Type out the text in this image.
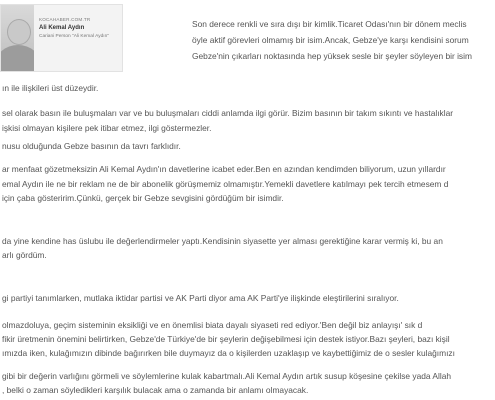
KOCAHABER.COM.TR
Ali Kemal Aydın
Cariani Person "Ali Kemal Aydın"
Son derece renkli ve sıra dışı bir kimlik.Ticaret Odası'nın bir dönem meclis
öyle aktif görevleri olmamış bir isim.Ancak, Gebze'ye karşı kendisini sorum
Gebze'nin çıkarları noktasında hep yüksek sesle bir şeyler söyleyen bir isim
ın ile ilişkileri üst düzeydir.
sel olarak basın ile buluşmaları var ve bu buluşmaları ciddi anlamda ilgi görür. Bizim basının bir takım sıkıntı ve hastalıklar
işkisi olmayan kişilere pek itibar etmez, ilgi göstermezler.
nusu olduğunda Gebze basının da tavrı farklıdır.
ar menfaat gözetmeksizin Ali Kemal Aydın'ın davetlerine icabet eder.Ben en azından kendimden biliyorum, uzun yıllardır
emal Aydın ile ne bir reklam ne de bir abonelik görüşmemiz olmamıştır.Yemekli davetlere katılmayı pek tercih etmesem d
için çaba gösteririm.Çünkü, gerçek bir Gebze sevgisini gördüğüm bir isimdir.
da yine kendine has üslubu ile değerlendirmeler yaptı.Kendisinin siyasette yer alması gerektiğine karar vermiş ki, bu an
arlı gördüm.
gi partiyi tanımlarken, mutlaka iktidar partisi ve AK Parti diyor ama AK Parti'ye ilişkinde eleştirilerini sıralıyor.
olmazdoluya, geçim sisteminin eksikliği ve en önemlisi biata dayalı siyaseti red ediyor.'Ben değil biz anlayışı' sık d
fikir üretmenin önemini belirtirken, Gebze'de Türkiye'de bir şeylerin değişebilmesi için destek istiyor.Bazı şeyleri, bazı kişil
ımızda iken, kulağımızın dibinde bağırırken bile duymayız da o kişilerden uzaklaşıp ve kaybettiğimiz de o sesler kulağımızı
gibi bir değerin varlığını görmeli ve söylemlerine kulak kabartmalı.Ali Kemal Aydın artık susup köşesine çekilse yada Allah
, belki o zaman söyledikleri karşılık bulacak ama o zamanda bir anlamı olmayacak.
